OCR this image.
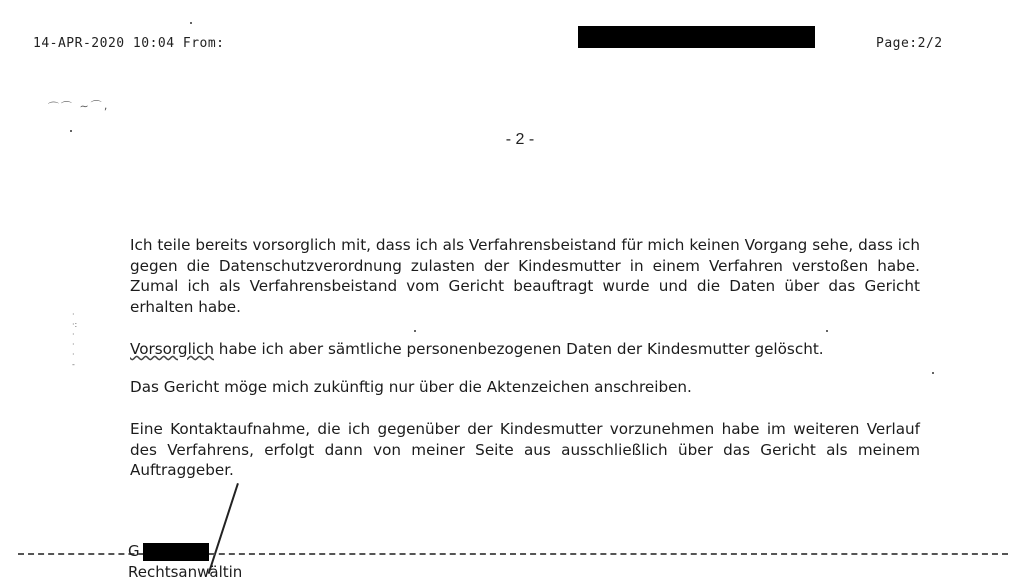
14-APR-2020 10:04 From:	Page:2/2
⌒⌒ ∼⌒,
- 2 -
·
·:
·
·
·
‐

Ich teile bereits vorsorglich mit, dass ich als Verfahrensbeistand für mich keinen Vorgang sehe, dass ich gegen die Datenschutzverordnung zulasten der Kindesmutter in einem Verfahren verstoßen habe. Zumal ich als Verfahrensbeistand vom Gericht beauftragt wurde und die Daten über das Gericht erhalten habe.

Vorsorglich habe ich aber sämtliche personenbezogenen Daten der Kindesmutter gelöscht.

Das Gericht möge mich zukünftig nur über die Aktenzeichen anschreiben.

Eine Kontaktaufnahme, die ich gegenüber der Kindesmutter vorzunehmen habe im weiteren Verlauf des Verfahrens, erfolgt dann von meiner Seite aus ausschließlich über das Gericht als meinem Auftraggeber.

G
Rechtsanwältin
